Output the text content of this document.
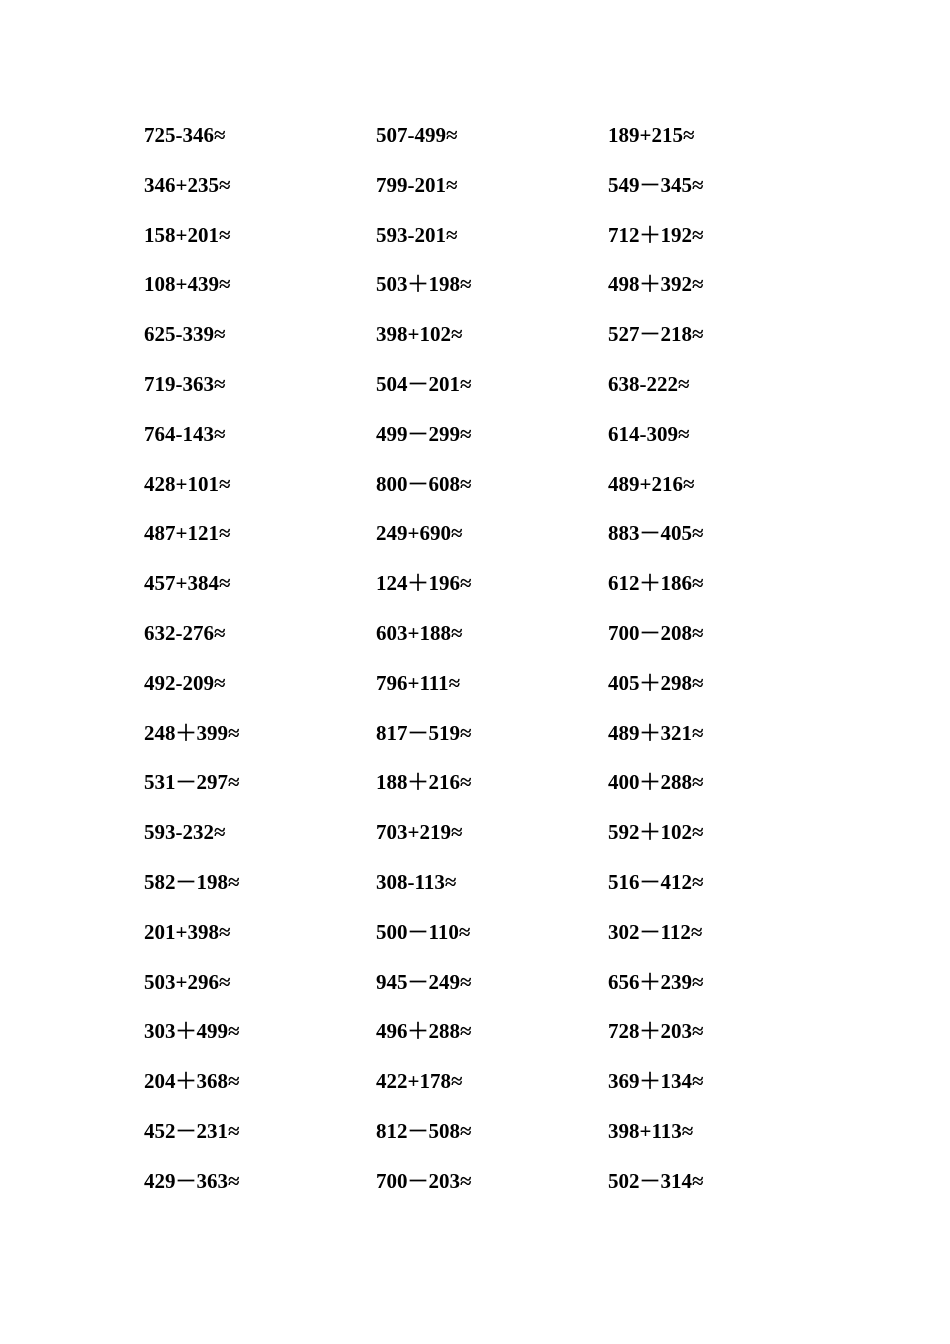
725-346≈	507-499≈	189+215≈
346+235≈	799-201≈	549－345≈
158+201≈	593-201≈	712＋192≈
108+439≈	503＋198≈	498＋392≈
625-339≈	398+102≈	527－218≈
719-363≈	504－201≈	638-222≈
764-143≈	499－299≈	614-309≈
428+101≈	800－608≈	489+216≈
487+121≈	249+690≈	883－405≈
457+384≈	124＋196≈	612＋186≈
632-276≈	603+188≈	700－208≈
492-209≈	796+111≈	405＋298≈
248＋399≈	817－519≈	489＋321≈
531－297≈	188＋216≈	400＋288≈
593-232≈	703+219≈	592＋102≈
582－198≈	308-113≈	516－412≈
201+398≈	500－110≈	302－112≈
503+296≈	945－249≈	656＋239≈
303＋499≈	496＋288≈	728＋203≈
204＋368≈	422+178≈	369＋134≈
452－231≈	812－508≈	398+113≈
429－363≈	700－203≈	502－314≈
